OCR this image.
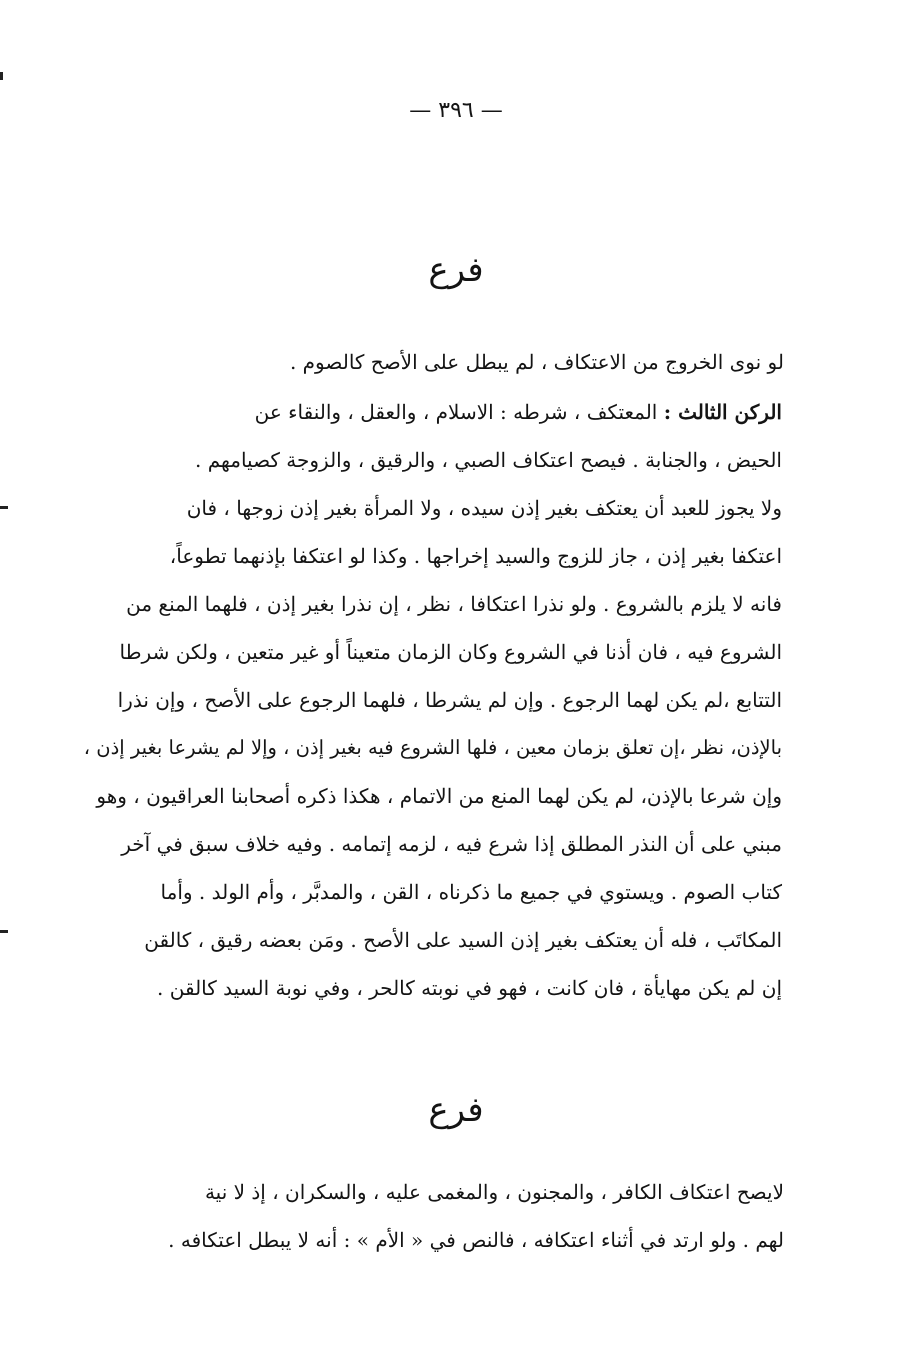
— ٣٩٦ —
فرع
لو نوى الخروج من الاعتكاف ، لم يبطل على الأصح كالصوم .
الركن الثالث : المعتكف ، شرطه : الاسلام ، والعقل ، والنقاء عن
الحيض ، والجنابة . فيصح اعتكاف الصبي ، والرقيق ، والزوجة كصيامهم .
ولا يجوز للعبد أن يعتكف بغير إذن سيده ، ولا المرأة بغير إذن زوجها ، فان
اعتكفا بغير إذن ، جاز للزوج والسيد إخراجها . وكذا لو اعتكفا بإذنهما تطوعاً،
فانه لا يلزم بالشروع . ولو نذرا اعتكافا ، نظر ، إن نذرا بغير إذن ، فلهما المنع من
الشروع فيه ، فان أذنا في الشروع وكان الزمان متعيناً أو غير متعين ، ولكن شرطا
التتابع ،لم يكن لهما الرجوع . وإن لم يشرطا ، فلهما الرجوع على الأصح ، وإن نذرا
بالإذن، نظر ،إن تعلق بزمان معين ، فلها الشروع فيه بغير إذن ، وإلا لم يشرعا بغير إذن ،
وإن شرعا بالإذن، لم يكن لهما المنع من الاتمام ، هكذا ذكره أصحابنا العراقيون ، وهو
مبني على أن النذر المطلق إذا شرع فيه ، لزمه إتمامه . وفيه خلاف سبق في آخر
كتاب الصوم . ويستوي في جميع ما ذكرناه ، القن ، والمدبَّر ، وأم الولد . وأما
المكاتَب ، فله أن يعتكف بغير إذن السيد على الأصح . ومَن بعضه رقيق ، كالقن
إن لم يكن مهايأة ، فان كانت ، فهو في نوبته كالحر ، وفي نوبة السيد كالقن .
فرع
لايصح اعتكاف الكافر ، والمجنون ، والمغمى عليه ، والسكران ، إذ لا نية
لهم . ولو ارتد في أثناء اعتكافه ، فالنص في « الأم » : أنه لا يبطل اعتكافه .
